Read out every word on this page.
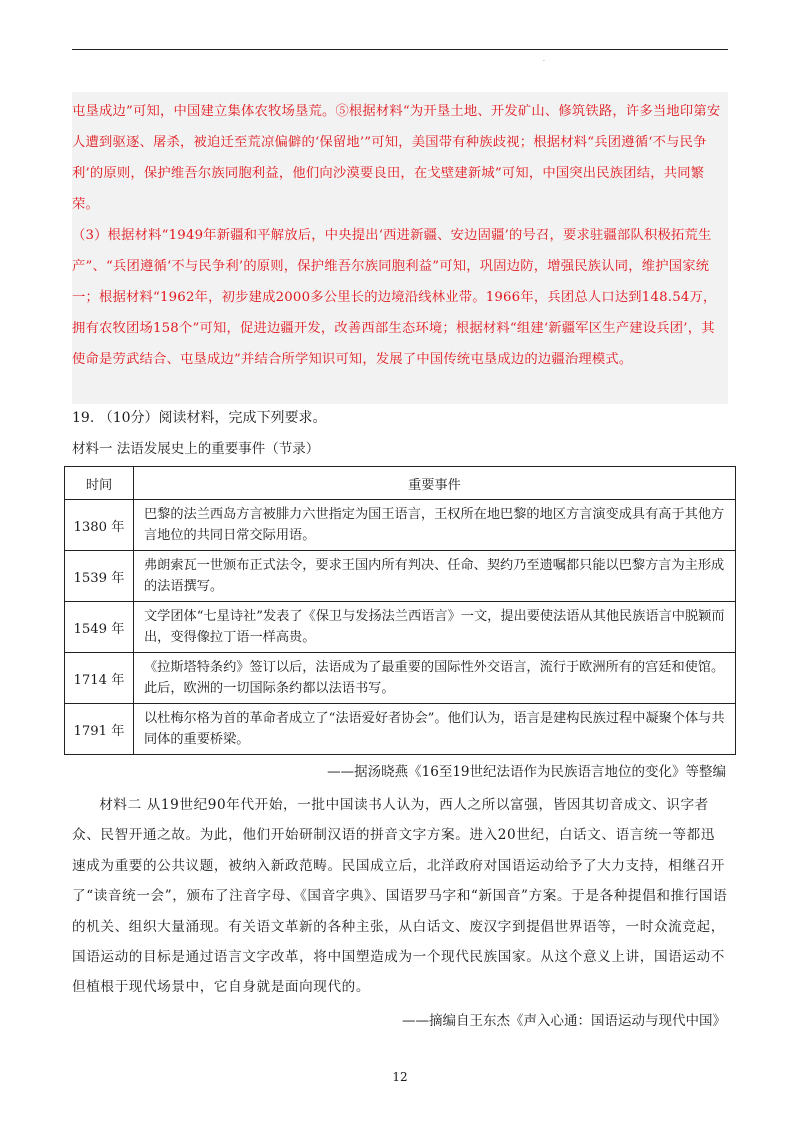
·

屯垦成边”可知，中国建立集体农牧场垦荒。⑤根据材料“为开垦土地、开发矿山、修筑铁路，许多当地印第安人遭到驱逐、屠杀，被迫迁至荒凉偏僻的‘保留地’”可知，美国带有种族歧视；根据材料“兵团遵循‘不与民争利’的原则，保护维吾尔族同胞利益，他们向沙漠要良田，在戈壁建新城”可知，中国突出民族团结，共同繁荣。

（3）根据材料“1949年新疆和平解放后，中央提出‘西进新疆、安边固疆’的号召，要求驻疆部队积极拓荒生产”、“兵团遵循‘不与民争利’的原则，保护维吾尔族同胞利益”可知，巩固边防，增强民族认同，维护国家统一；根据材料“1962年，初步建成2000多公里长的边境沿线林业带。1966年，兵团总人口达到148.54万，拥有农牧团场158个”可知，促进边疆开发，改善西部生态环境；根据材料“组建‘新疆军区生产建设兵团’，其使命是劳武结合、屯垦成边”并结合所学知识可知，发展了中国传统屯垦成边的边疆治理模式。

19. （10分）阅读材料，完成下列要求。
材料一 法语发展史上的重要事件（节录）
时间	重要事件
1380 年	巴黎的法兰西岛方言被腓力六世指定为国王语言，王权所在地巴黎的地区方言演变成具有高于其他方言地位的共同日常交际用语。
1539 年	弗朗索瓦一世颁布正式法令，要求王国内所有判决、任命、契约乃至遗嘱都只能以巴黎方言为主形成的法语撰写。
1549 年	文学团体“七星诗社”发表了《保卫与发扬法兰西语言》一文，提出要使法语从其他民族语言中脱颖而出，变得像拉丁语一样高贵。
1714 年	《拉斯塔特条约》签订以后，法语成为了最重要的国际性外交语言，流行于欧洲所有的宫廷和使馆。此后，欧洲的一切国际条约都以法语书写。
1791 年	以杜梅尔格为首的革命者成立了“法语爱好者协会”。他们认为，语言是建构民族过程中凝聚个体与共同体的重要桥梁。
——据汤晓燕《16至19世纪法语作为民族语言地位的变化》等整编

材料二 从19世纪90年代开始，一批中国读书人认为，西人之所以富强，皆因其切音成文、识字者众、民智开通之故。为此，他们开始研制汉语的拼音文字方案。进入20世纪，白话文、语言统一等都迅速成为重要的公共议题，被纳入新政范畴。民国成立后，北洋政府对国语运动给予了大力支持，相继召开了“读音统一会”，颁布了注音字母、《国音字典》、国语罗马字和“新国音”方案。于是各种提倡和推行国语的机关、组织大量涌现。有关语文革新的各种主张，从白话文、废汉字到提倡世界语等，一时众流竞起，国语运动的目标是通过语言文字改革，将中国塑造成为一个现代民族国家。从这个意义上讲，国语运动不但植根于现代场景中，它自身就是面向现代的。

——摘编自王东杰《声入心通：国语运动与现代中国》
12
